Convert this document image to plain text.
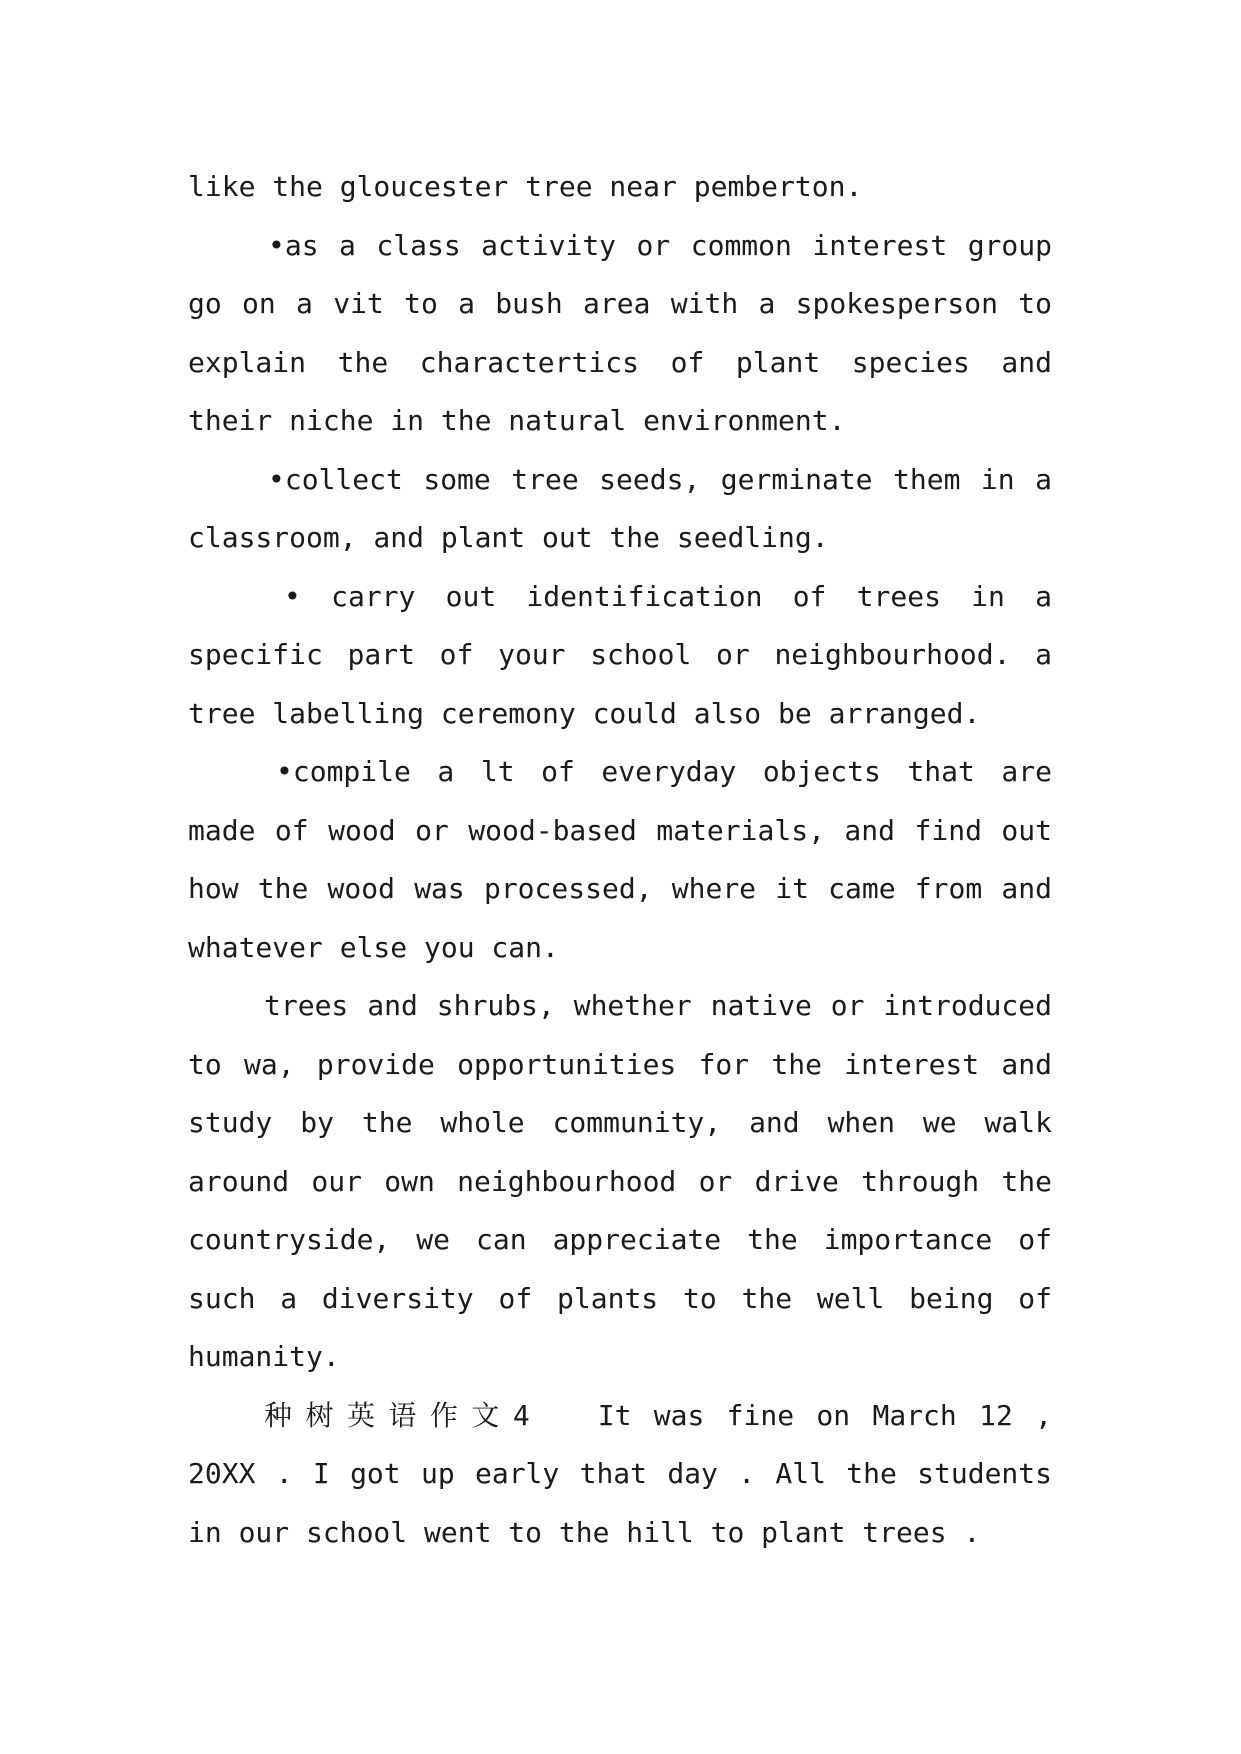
like the gloucester tree near pemberton.

•as a class activity or common interest group go on a vit to a bush area with a spokesperson to explain the charactertics of plant species and their niche in the natural environment.

•collect some tree seeds, germinate them in a classroom, and plant out the seedling.

• carry out identification of trees in a specific part of your school or neighbourhood. a tree labelling ceremony could also be arranged.

•compile a lt of everyday objects that are made of wood or wood-based materials, and find out how the wood was processed, where it came from and whatever else you can.

trees and shrubs, whether native or introduced to wa, provide opportunities for the interest and study by the whole community, and when we walk around our own neighbourhood or drive through the countryside, we can appreciate the importance of such a diversity of plants to the well being of humanity.

种树英语作文4 It was fine on March 12 , 20XX . I got up early that day . All the students in our school went to the hill to plant trees .
